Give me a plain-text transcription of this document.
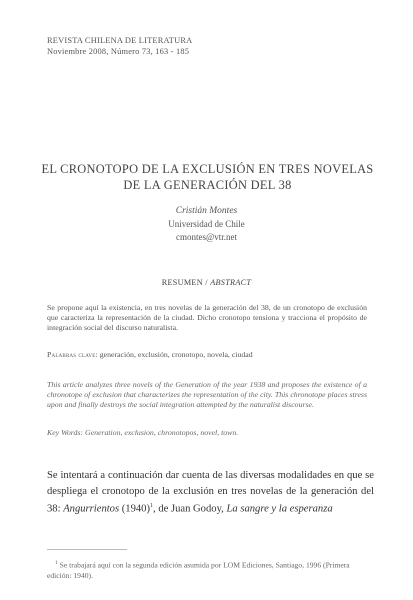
REVISTA CHILENA DE LITERATURA
Noviembre 2008, Número 73, 163 - 185
EL CRONOTOPO DE LA EXCLUSIÓN EN TRES NOVELAS
DE LA GENERACIÓN DEL 38
Cristián Montes
Universidad de Chile
cmontes@vtr.net
RESUMEN / ABSTRACT
Se propone aquí la existencia, en tres novelas de la generación del 38, de un cronotopo de exclusión que caracteriza la representación de la ciudad. Dicho cronotopo tensiona y tracciona el propósito de integración social del discurso naturalista.
Palabras clave: generación, exclusión, cronotopo, novela, ciudad
This article analyzes three novels of the Generation of the year 1938 and proposes the existence of a chronotope of exclusion that characterizes the representation of the city. This chronotope places stress upon and finally destroys the social integration attempted by the naturalist discourse.
Key Words: Generation, exclusion, chronotopos, novel, town.
Se intentará a continuación dar cuenta de las diversas modalidades en que se despliega el cronotopo de la exclusión en tres novelas de la generación del 38: Angurrientos $(1940)^1$, de Juan Godoy, La sangre y la esperanza
$^1$ Se trabajará aquí con la segunda edición asumida por LOM Ediciones, Santiago, 1996 (Primera edición: 1940).
